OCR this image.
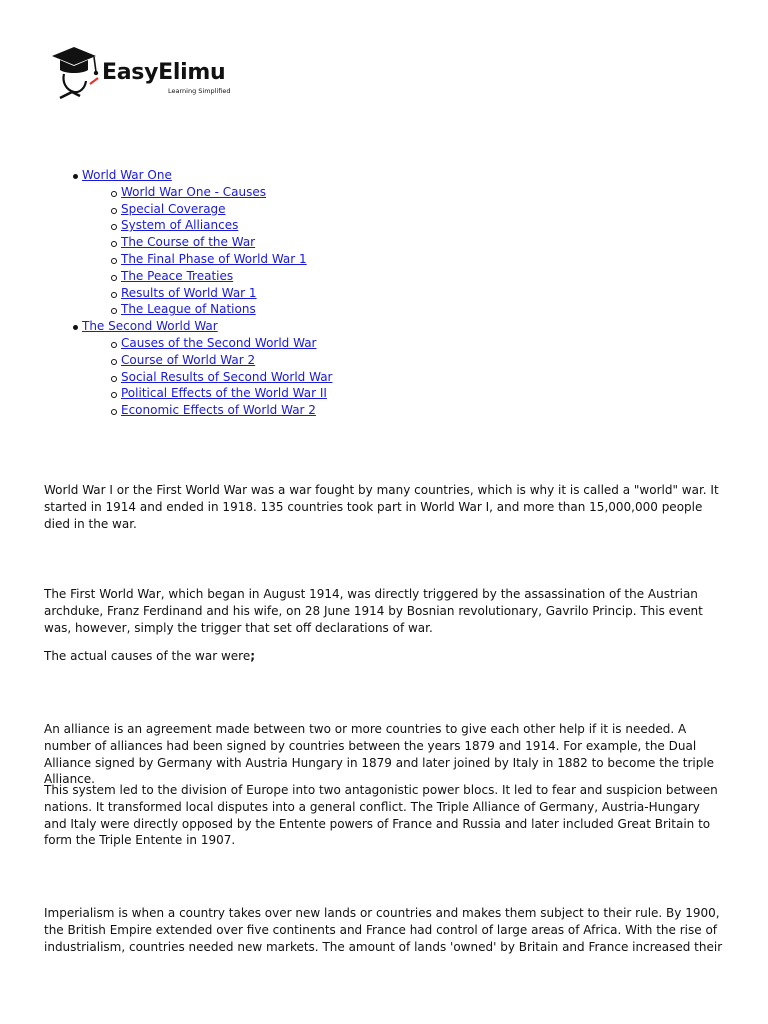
EasyElimu
Learning Simplified
World War One
World War One - Causes
Special Coverage
System of Alliances
The Course of the War
The Final Phase of World War 1
The Peace Treaties
Results of World War 1
The League of Nations
The Second World War
Causes of the Second World War
Course of World War 2
Social Results of Second World War
Political Effects of the World War II
Economic Effects of World War 2

World War I or the First World War was a war fought by many countries, which is why it is called a "world" war. It started in 1914 and ended in 1918. 135 countries took part in World War I, and more than 15,000,000 people died in the war.

The First World War, which began in August 1914, was directly triggered by the assassination of the Austrian archduke, Franz Ferdinand and his wife, on 28 June 1914 by Bosnian revolutionary, Gavrilo Princip. This event was, however, simply the trigger that set off declarations of war.

The actual causes of the war were;

An alliance is an agreement made between two or more countries to give each other help if it is needed. A number of alliances had been signed by countries between the years 1879 and 1914. For example, the Dual Alliance signed by Germany with Austria Hungary in 1879 and later joined by Italy in 1882 to become the triple Alliance.

This system led to the division of Europe into two antagonistic power blocs. It led to fear and suspicion between nations. It transformed local disputes into a general conflict. The Triple Alliance of Germany, Austria-Hungary and Italy were directly opposed by the Entente powers of France and Russia and later included Great Britain to form the Triple Entente in 1907.

Imperialism is when a country takes over new lands or countries and makes them subject to their rule. By 1900, the British Empire extended over five continents and France had control of large areas of Africa. With the rise of industrialism, countries needed new markets. The amount of lands 'owned' by Britain and France increased their
